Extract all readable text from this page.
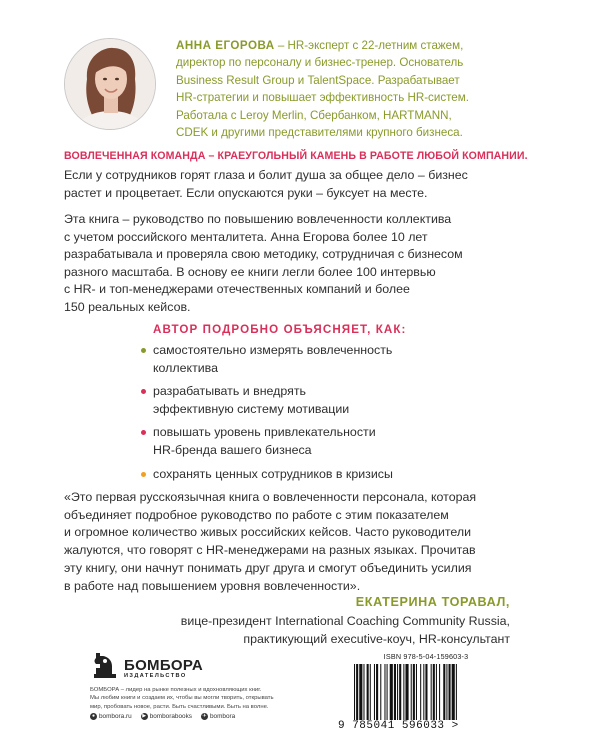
АННА ЕГОРОВА – HR-эксперт с 22-летним стажем,
директор по персоналу и бизнес-тренер. Основатель
Business Result Group и TalentSpace. Разрабатывает
HR-стратегии и повышает эффективность HR-систем.
Работала с Leroy Merlin, Сбербанком, HARTMANN,
CDEK и другими представителями крупного бизнеса.
ВОВЛЕЧЕННАЯ КОМАНДА – КРАЕУГОЛЬНЫЙ КАМЕНЬ В РАБОТЕ ЛЮБОЙ КОМПАНИИ.
Если у сотрудников горят глаза и болит душа за общее дело – бизнес
растет и процветает. Если опускаются руки – буксует на месте.
Эта книга – руководство по повышению вовлеченности коллектива
с учетом российского менталитета. Анна Егорова более 10 лет
разрабатывала и проверяла свою методику, сотрудничая с бизнесом
разного масштаба. В основу ее книги легли более 100 интервью
с HR- и топ-менеджерами отечественных компаний и более
150 реальных кейсов.
АВТОР ПОДРОБНО ОБЪЯСНЯЕТ, КАК:
самостоятельно измерять вовлеченность
коллектива
разрабатывать и внедрять
эффективную систему мотивации
повышать уровень привлекательности
HR-бренда вашего бизнеса
сохранять ценных сотрудников в кризисы
«Это первая русскоязычная книга о вовлеченности персонала, которая
объединяет подробное руководство по работе с этим показателем
и огромное количество живых российских кейсов. Часто руководители
жалуются, что говорят с HR-менеджерами на разных языках. Прочитав
эту книгу, они начнут понимать друг друга и смогут объединить усилия
в работе над повышением уровня вовлеченности».
ЕКАТЕРИНА ТОРАВАЛ,
вице-президент International Coaching Community Russia,
практикующий executive-коуч, HR-консультант
БОМБОРА
ИЗДАТЕЛЬСТВО
БОМБОРА – лидер на рынке полезных и вдохновляющих книг.
Мы любим книги и создаем их, чтобы вы могли творить, открывать
мир, пробовать новое, расти. Быть счастливыми. Быть на волне.
● bombora.ru	▶ bomborabooks ✈ bombora
ISBN 978-5-04-159603-3
9 785041 596033 >
